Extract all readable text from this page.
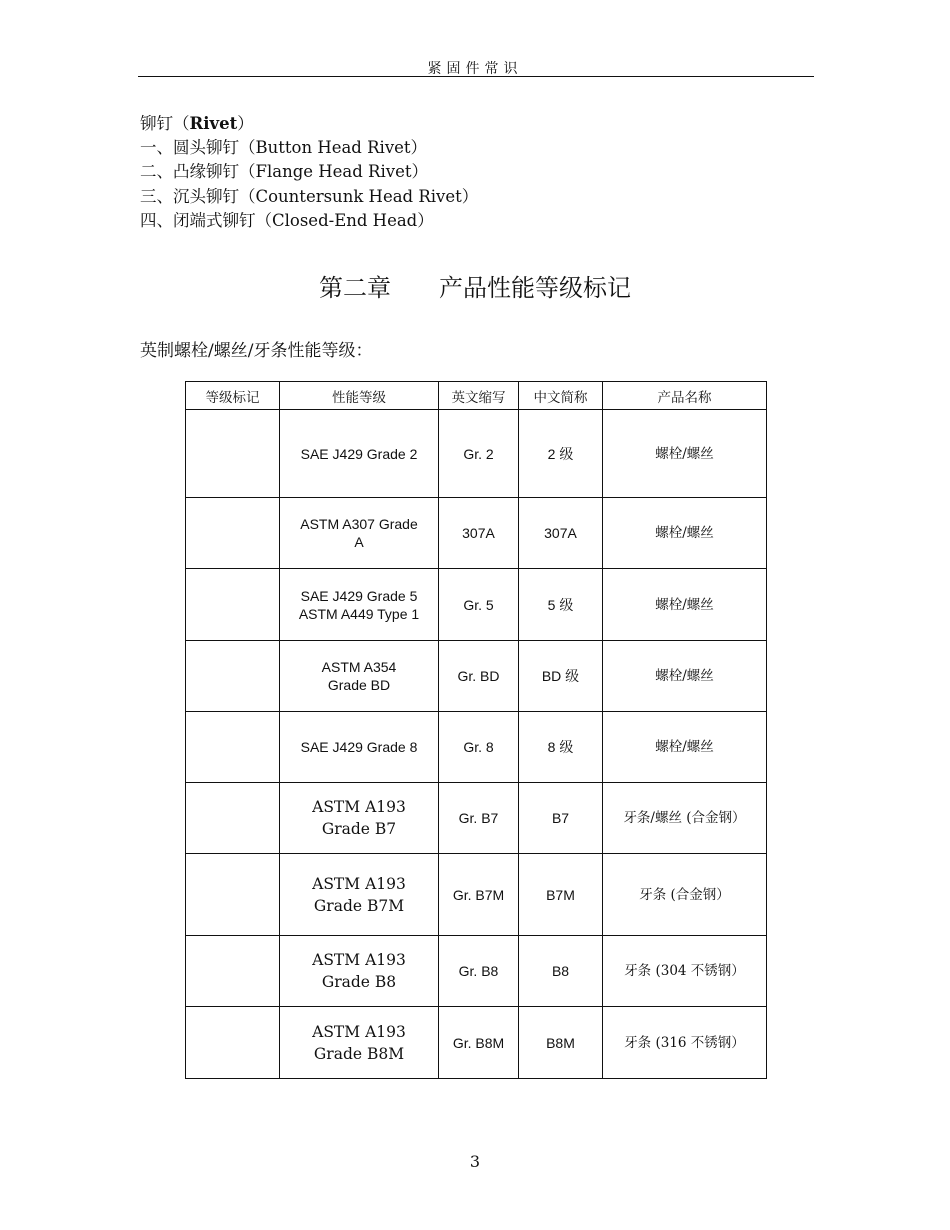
紧固件常识
铆钉（Rivet）
一、圆头铆钉（Button Head Rivet）
二、凸缘铆钉（Flange Head Rivet）
三、沉头铆钉（Countersunk Head Rivet）
四、闭端式铆钉（Closed-End Head）
第二章　　产品性能等级标记
英制螺栓/螺丝/牙条性能等级：
等级标记	性能等级	英文缩写	中文简称	产品名称

	SAE J429 Grade 2	Gr. 2	2 级	螺栓/螺丝

	ASTM A307 Grade
A	307A	307A	螺栓/螺丝

	SAE J429 Grade 5
ASTM A449 Type 1	Gr. 5	5 级	螺栓/螺丝

	ASTM A354
Grade BD	Gr. BD	BD 级	螺栓/螺丝

	SAE J429 Grade 8	Gr. 8	8 级	螺栓/螺丝

	ASTM A193
Grade B7	Gr. B7	B7	牙条/螺丝 (合金钢）

	ASTM A193
Grade B7M	Gr. B7M	B7M	牙条 (合金钢）

	ASTM A193
Grade B8	Gr. B8	B8	牙条 (304 不锈钢）

	ASTM A193
Grade B8M	Gr. B8M	B8M	牙条 (316 不锈钢）
3
